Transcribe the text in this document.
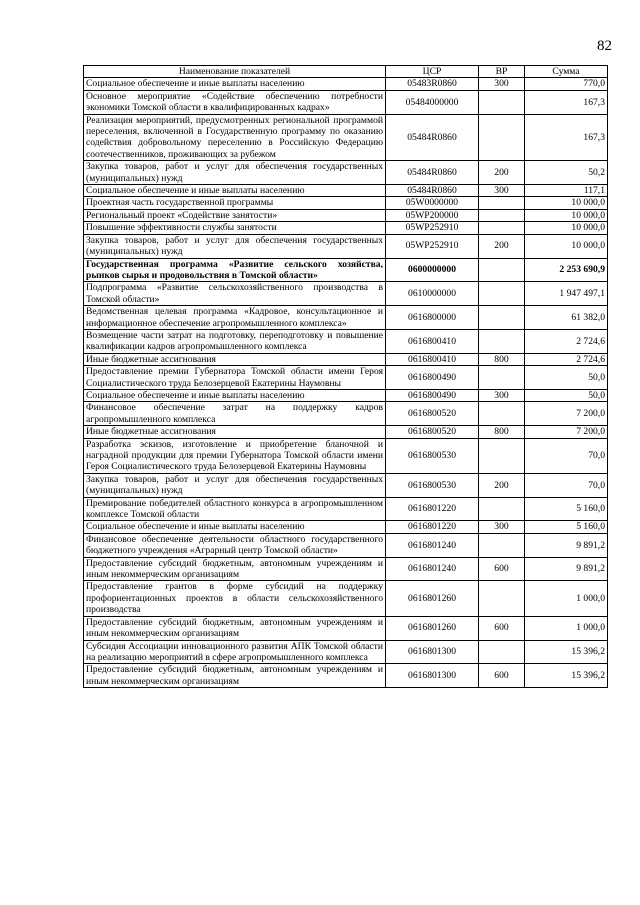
82
Наименование показателей	ЦСР	ВР	Сумма
Социальное обеспечение и иные выплаты населению	05483R0860	300	770,0
Основное мероприятие «Содействие обеспечению потребности экономики Томской области в квалифицированных кадрах»	05484000000		167,3
Реализация мероприятий, предусмотренных региональной программой переселения, включенной в Государственную программу по оказанию содействия добровольному переселению в Российскую Федерацию соотечественников, проживающих за рубежом	05484R0860		167,3
Закупка товаров, работ и услуг для обеспечения государственных (муниципальных) нужд	05484R0860	200	50,2
Социальное обеспечение и иные выплаты населению	05484R0860	300	117,1
Проектная часть государственной программы	05W0000000		10 000,0
Региональный проект «Содействие занятости»	05WP200000		10 000,0
Повышение эффективности службы занятости	05WP252910		10 000,0
Закупка товаров, работ и услуг для обеспечения государственных (муниципальных) нужд	05WP252910	200	10 000,0
Государственная программа «Развитие сельского хозяйства, рынков сырья и продовольствия в Томской области»	0600000000		2 253 690,9
Подпрограмма «Развитие сельскохозяйственного производства в Томской области»	0610000000		1 947 497,1
Ведомственная целевая программа «Кадровое, консультационное и информационное обеспечение агропромышленного комплекса»	0616800000		61 382,0
Возмещение части затрат на подготовку, переподготовку и повышение квалификации кадров агропромышленного комплекса	0616800410		2 724,6
Иные бюджетные ассигнования	0616800410	800	2 724,6
Предоставление премии Губернатора Томской области имени Героя Социалистического труда Белозерцевой Екатерины Наумовны	0616800490		50,0
Социальное обеспечение и иные выплаты населению	0616800490	300	50,0
Финансовое обеспечение затрат на поддержку кадров агропромышленного комплекса	0616800520		7 200,0
Иные бюджетные ассигнования	0616800520	800	7 200,0
Разработка эскизов, изготовление и приобретение бланочной и наградной продукции для премии Губернатора Томской области имени Героя Социалистического труда Белозерцевой Екатерины Наумовны	0616800530		70,0
Закупка товаров, работ и услуг для обеспечения государственных (муниципальных) нужд	0616800530	200	70,0
Премирование победителей областного конкурса в агропромышленном комплексе Томской области	0616801220		5 160,0
Социальное обеспечение и иные выплаты населению	0616801220	300	5 160,0
Финансовое обеспечение деятельности областного государственного бюджетного учреждения «Аграрный центр Томской области»	0616801240		9 891,2
Предоставление субсидий бюджетным, автономным учреждениям и иным некоммерческим организациям	0616801240	600	9 891,2
Предоставление грантов в форме субсидий на поддержку профориентационных проектов в области сельскохозяйственного производства	0616801260		1 000,0
Предоставление субсидий бюджетным, автономным учреждениям и иным некоммерческим организациям	0616801260	600	1 000,0
Субсидия Ассоциации инновационного развития АПК Томской области на реализацию мероприятий в сфере агропромышленного комплекса	0616801300		15 396,2
Предоставление субсидий бюджетным, автономным учреждениям и иным некоммерческим организациям	0616801300	600	15 396,2
